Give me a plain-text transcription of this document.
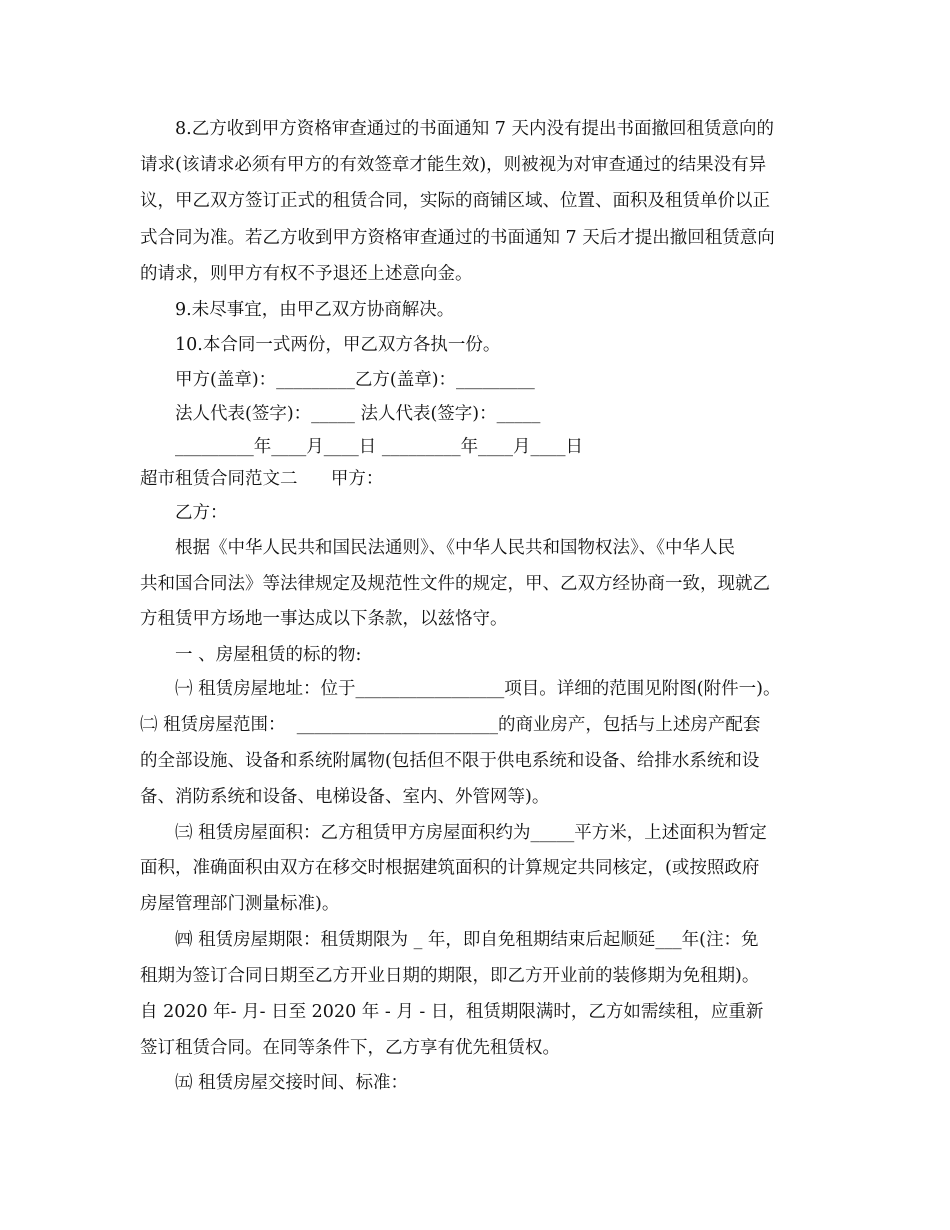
8.乙方收到甲方资格审查通过的书面通知 7 天内没有提出书面撤回租赁意向的
请求(该请求必须有甲方的有效签章才能生效)，则被视为对审查通过的结果没有异
议，甲乙双方签订正式的租赁合同，实际的商铺区域、位置、面积及租赁单价以正
式合同为准。若乙方收到甲方资格审查通过的书面通知 7 天后才提出撤回租赁意向
的请求，则甲方有权不予退还上述意向金。
9.未尽事宜，由甲乙双方协商解决。
10.本合同一式两份，甲乙双方各执一份。
甲方(盖章)：_________乙方(盖章)：_________
法人代表(签字)：_____ 法人代表(签字)：_____
_________年____月____日 _________年____月____日
超市租赁合同范文二      甲方：
乙方：
根据《中华人民共和国民法通则》、《中华人民共和国物权法》、《中华人民
共和国合同法》等法律规定及规范性文件的规定，甲、乙双方经协商一致，现就乙
方租赁甲方场地一事达成以下条款，以兹恪守。
一 、房屋租赁的标的物:
㈠ 租赁房屋地址：位于_________________项目。详细的范围见附图(附件一)。
㈡ 租赁房屋范围：  _______________________的商业房产，包括与上述房产配套
的全部设施、设备和系统附属物(包括但不限于供电系统和设备、给排水系统和设
备、消防系统和设备、电梯设备、室内、外管网等)。
㈢ 租赁房屋面积：乙方租赁甲方房屋面积约为_____平方米，上述面积为暂定
面积，准确面积由双方在移交时根据建筑面积的计算规定共同核定，(或按照政府
房屋管理部门测量标准)。
㈣ 租赁房屋期限：租赁期限为 _ 年，即自免租期结束后起顺延___年(注：免
租期为签订合同日期至乙方开业日期的期限，即乙方开业前的装修期为免租期)。
自 2020 年- 月- 日至 2020 年 - 月 - 日，租赁期限满时，乙方如需续租，应重新
签订租赁合同。在同等条件下，乙方享有优先租赁权。
㈤ 租赁房屋交接时间、标准：
